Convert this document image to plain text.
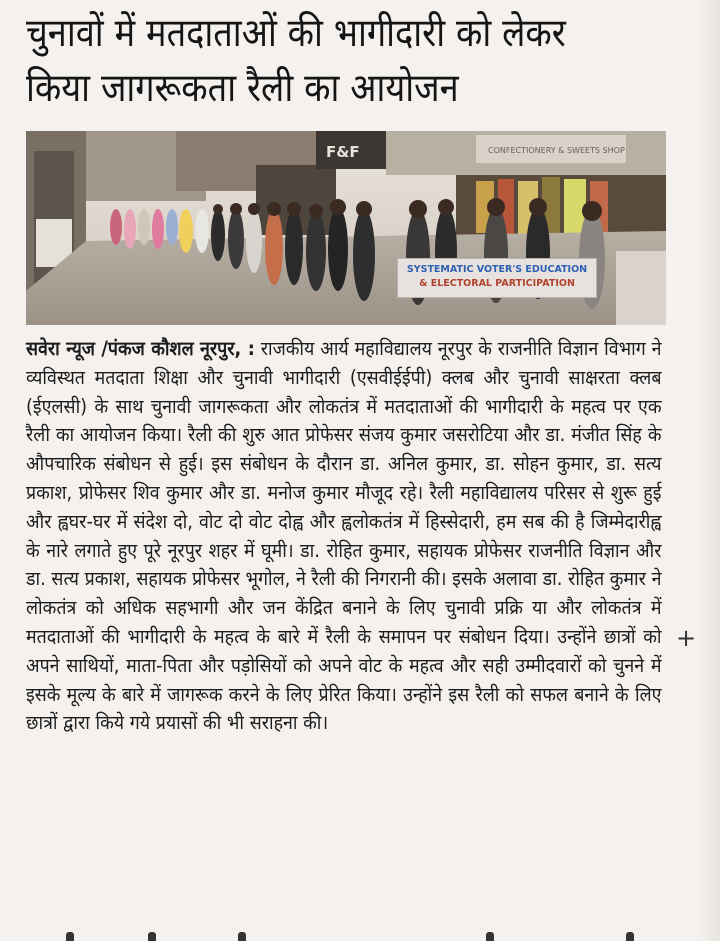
चुनावों में मतदाताओं की भागीदारी को लेकर
किया जागरूकता रैली का आयोजन
F&F	CONFECTIONERY & SWEETS SHOP
SYSTEMATIC VOTER'S EDUCATION
& ELECTORAL PARTICIPATION

सवेरा न्यूज /पंकज कौशल नूरपुर, : राजकीय आर्य महाविद्यालय नूरपुर के राजनीति विज्ञान विभाग ने व्यविस्थत मतदाता शिक्षा और चुनावी भागीदारी (एसवीईईपी) क्लब और चुनावी साक्षरता क्लब (ईएलसी) के साथ चुनावी जागरूकता और लोकतंत्र में मतदाताओं की भागीदारी के महत्व पर एक रैली का आयोजन किया। रैली की शुरु आत प्रोफेसर संजय कुमार जसरोटिया और डा. मंजीत सिंह के औपचारिक संबोधन से हुई। इस संबोधन के दौरान डा. अनिल कुमार, डा. सोहन कुमार, डा. सत्य प्रकाश, प्रोफेसर शिव कुमार और डा. मनोज कुमार मौजूद रहे। रैली महाविद्यालय परिसर से शुरू हुई और ह्वघर-घर में संदेश दो, वोट दो वोट दोह्व और ह्वलोकतंत्र में हिस्सेदारी, हम सब की है जिम्मेदारीह्व के नारे लगाते हुए पूरे नूरपुर शहर में घूमी। डा. रोहित कुमार, सहायक प्रोफेसर राजनीति विज्ञान और डा. सत्य प्रकाश, सहायक प्रोफेसर भूगोल, ने रैली की निगरानी की। इसके अलावा डा. रोहित कुमार ने लोकतंत्र को अधिक सहभागी और जन केंद्रित बनाने के लिए चुनावी प्रक्रि या और लोकतंत्र में मतदाताओं की भागीदारी के महत्व के बारे में रैली के समापन पर संबोधन दिया। उन्होंने छात्रों को अपने साथियों, माता-पिता और पड़ोसियों को अपने वोट के महत्व और सही उम्मीदवारों को चुनने में इसके मूल्य के बारे में जागरूक करने के लिए प्रेरित किया। उन्होंने इस रैली को सफल बनाने के लिए छात्रों द्वारा किये गये प्रयासों की भी सराहना की।

+
